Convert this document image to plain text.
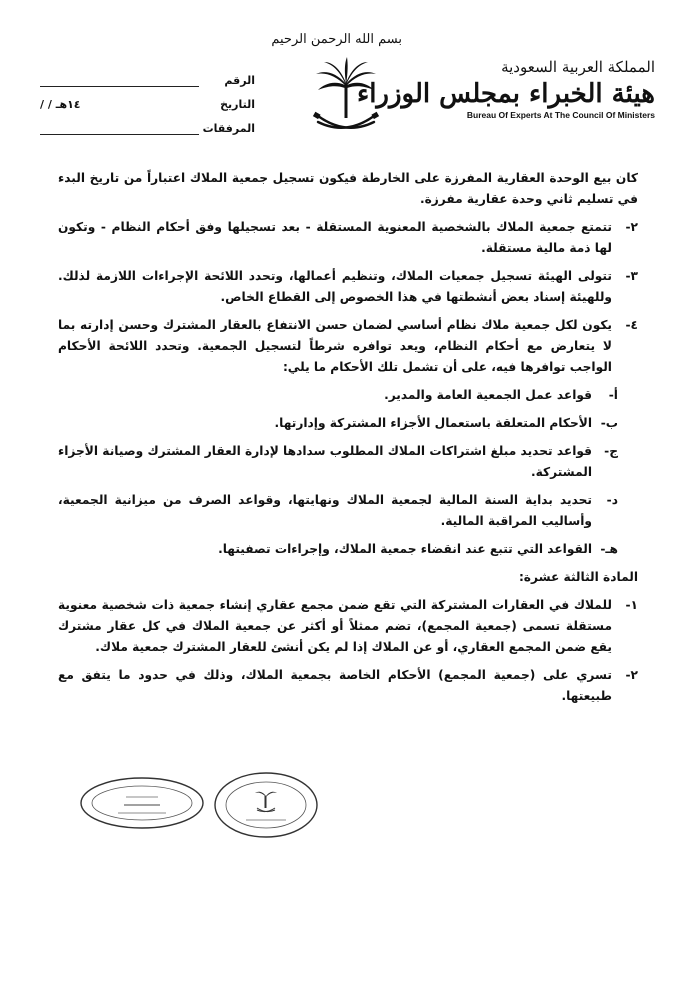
بسم الله الرحمن الرحيم
المملكة العربية السعودية
هيئة الخبراء بمجلس الوزراء
Bureau Of Experts At The Council Of Ministers
الرقم
التاريخ
/ / ١٤هـ
المرفقات

كان بيع الوحدة العقارية المفرزة على الخارطة فيكون تسجيل جمعية الملاك اعتباراً من تاريخ البدء في تسليم ثاني وحدة عقارية مفرزة.

٢-
تتمتع جمعية الملاك بالشخصية المعنوية المستقلة - بعد تسجيلها وفق أحكام النظام - وتكون لها ذمة مالية مستقلة.
٣-
تتولى الهيئة تسجيل جمعيات الملاك، وتنظيم أعمالها، وتحدد اللائحة الإجراءات اللازمة لذلك. وللهيئة إسناد بعض أنشطتها في هذا الخصوص إلى القطاع الخاص.
٤-
يكون لكل جمعية ملاك نظام أساسي لضمان حسن الانتفاع بالعقار المشترك وحسن إدارته بما لا يتعارض مع أحكام النظام، ويعد توافره شرطاً لتسجيل الجمعية. وتحدد اللائحة الأحكام الواجب توافرها فيه، على أن تشمل تلك الأحكام ما يلي:
أ-
قواعد عمل الجمعية العامة والمدير.
ب-
الأحكام المتعلقة باستعمال الأجزاء المشتركة وإدارتها.
ج-
قواعد تحديد مبلغ اشتراكات الملاك المطلوب سدادها لإدارة العقار المشترك وصيانة الأجزاء المشتركة.
د-
تحديد بداية السنة المالية لجمعية الملاك ونهايتها، وقواعد الصرف من ميزانية الجمعية، وأساليب المراقبة المالية.
هـ-
القواعد التي تتبع عند انقضاء جمعية الملاك، وإجراءات تصفيتها.
المادة الثالثة عشرة:
١-
للملاك في العقارات المشتركة التي تقع ضمن مجمع عقاري إنشاء جمعية ذات شخصية معنوية مستقلة تسمى (جمعية المجمع)، تضم ممثلاً أو أكثر عن جمعية الملاك في كل عقار مشترك يقع ضمن المجمع العقاري، أو عن الملاك إذا لم يكن أنشئ للعقار المشترك جمعية ملاك.
٢-
تسري على (جمعية المجمع) الأحكام الخاصة بجمعية الملاك، وذلك في حدود ما يتفق مع طبيعتها.
